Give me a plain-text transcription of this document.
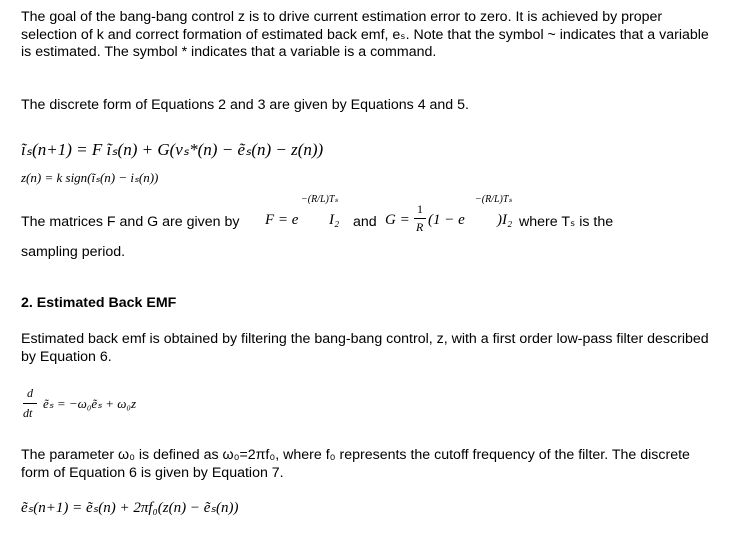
The goal of the bang-bang control z is to drive current estimation error to zero. It is achieved by proper selection of k and correct formation of estimated back emf, eₛ. Note that the symbol ~ indicates that a variable is estimated. The symbol * indicates that a variable is a command.
The discrete form of Equations 2 and 3 are given by Equations 4 and 5.
ĩₛ(n+1) = F ĩₛ(n) + G(vₛ*(n) − ẽₛ(n) − z(n))
z(n) = k sign(ĩₛ(n) − iₛ(n))
The matrices F and G are given by F = e
−(R/L)Tₛ
I₂ and G =
1
R (1 − e
−(R/L)Tₛ
)I₂ where Tₛ is the
sampling period.
2. Estimated Back EMF
Estimated back emf is obtained by filtering the bang-bang control, z, with a first order low-pass filter described by Equation 6.
d
dt
ẽₛ = −ω₀ẽₛ + ω₀z
The parameter ω₀ is defined as ω₀=2πf₀, where f₀ represents the cutoff frequency of the filter. The discrete form of Equation 6 is given by Equation 7.
ẽₛ(n+1) = ẽₛ(n) + 2πf₀(z(n) − ẽₛ(n))
